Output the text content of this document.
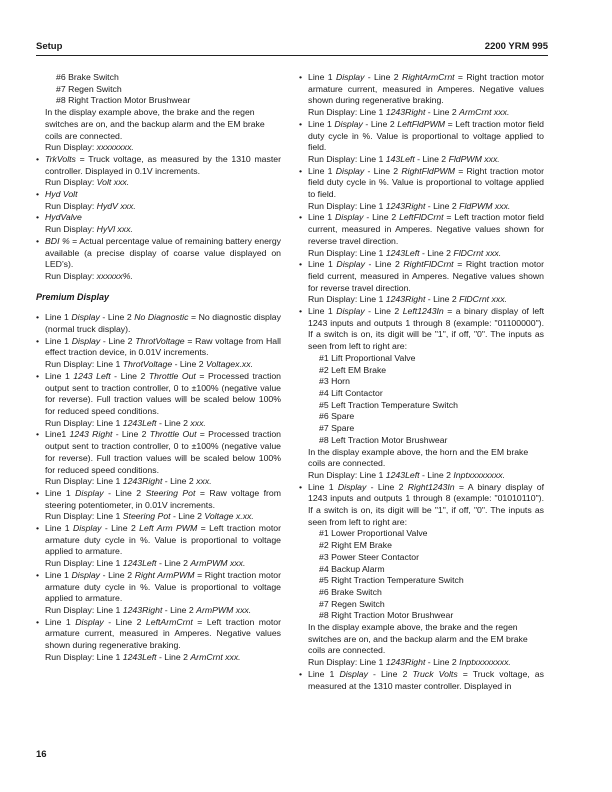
Setup	2200 YRM 995

#6 Brake Switch

#7 Regen Switch

#8 Right Traction Motor Brushwear

In the display example above, the brake and the regen switches are on, and the backup alarm and the EM brake coils are connected.

Run Display: xxxxxxxx.

• TrkVolts = Truck voltage, as measured by the 1310 master controller. Displayed in 0.1V increments.

Run Display: Volt xxx.

• Hyd Volt

Run Display: HydV xxx.

• HydValve

Run Display: HyVl xxx.

• BDI % = Actual percentage value of remaining battery energy available (a precise display of coarse value displayed on LED’s).

Run Display: xxxxxx%.

Premium Display

• Line 1 Display - Line 2 No Diagnostic = No diagnostic display (normal truck display).

• Line 1 Display - Line 2 ThrotVoltage = Raw voltage from Hall effect traction device, in 0.01V increments.

Run Display: Line 1 ThrotVoltage - Line 2 Voltagex.xx.

• Line 1 1243 Left - Line 2 Throttle Out = Processed traction output sent to traction controller, 0 to ±100% (negative value for reverse). Full traction values will be scaled below 100% for reduced speed conditions.

Run Display: Line 1 1243Left - Line 2 xxx.

• Line1 1243 Right - Line 2 Throttle Out = Processed traction output sent to traction controller, 0 to ±100% (negative value for reverse). Full traction values will be scaled below 100% for reduced speed conditions.

Run Display: Line 1 1243Right - Line 2 xxx.

• Line 1 Display - Line 2 Steering Pot = Raw voltage from steering potentiometer, in 0.01V increments.

Run Display: Line 1 Steering Pot - Line 2 Voltage x.xx.

• Line 1 Display - Line 2 Left Arm PWM = Left traction motor armature duty cycle in %. Value is proportional to voltage applied to armature.

Run Display: Line 1 1243Left - Line 2 ArmPWM xxx.

• Line 1 Display - Line 2 Right ArmPWM = Right traction motor armature duty cycle in %. Value is proportional to voltage applied to armature.

Run Display: Line 1 1243Right - Line 2 ArmPWM xxx.

• Line 1 Display - Line 2 LeftArmCrnt = Left traction motor armature current, measured in Amperes. Negative values shown during regenerative braking.

Run Display: Line 1 1243Left - Line 2 ArmCrnt xxx.

• Line 1 Display - Line 2 RightArmCrnt = Right traction motor armature current, measured in Amperes. Negative values shown during regenerative braking.

Run Display: Line 1 1243Right - Line 2 ArmCrnt xxx.

• Line 1 Display - Line 2 LeftFldPWM = Left traction motor field duty cycle in %. Value is proportional to voltage applied to field.

Run Display: Line 1 143Left - Line 2 FldPWM xxx.

• Line 1 Display - Line 2 RightFldPWM = Right traction motor field duty cycle in %. Value is proportional to voltage applied to field.

Run Display: Line 1 1243Right - Line 2 FldPWM xxx.

• Line 1 Display - Line 2 LeftFlDCrnt = Left traction motor field current, measured in Amperes. Negative values shown for reverse travel direction.

Run Display: Line 1 1243Left - Line 2 FlDCrnt xxx.

• Line 1 Display - Line 2 RightFlDCrnt = Right traction motor field current, measured in Amperes. Negative values shown for reverse travel direction.

Run Display: Line 1 1243Right - Line 2 FlDCrnt xxx.

• Line 1 Display - Line 2 Left1243In = a binary display of left 1243 inputs and outputs 1 through 8 (example: "01100000"). If a switch is on, its digit will be "1", if off, "0". The inputs as seen from left to right are:

#1 Lift Proportional Valve

#2 Left EM Brake

#3 Horn

#4 Lift Contactor

#5 Left Traction Temperature Switch

#6 Spare

#7 Spare

#8 Left Traction Motor Brushwear

In the display example above, the horn and the EM brake coils are connected.

Run Display: Line 1 1243Left - Line 2 Inptxxxxxxxx.

• Line 1 Display - Line 2 Right1243In = A binary display of 1243 inputs and outputs 1 through 8 (example: "01010110"). If a switch is on, its digit will be "1", if off, "0". The inputs as seen from left to right are:

#1 Lower Proportional Valve

#2 Right EM Brake

#3 Power Steer Contactor

#4 Backup Alarm

#5 Right Traction Temperature Switch

#6 Brake Switch

#7 Regen Switch

#8 Right Traction Motor Brushwear

In the display example above, the brake and the regen switches are on, and the backup alarm and the EM brake coils are connected.

Run Display: Line 1 1243Right - Line 2 Inptxxxxxxxx.

• Line 1 Display - Line 2 Truck Volts = Truck voltage, as measured at the 1310 master controller. Displayed in

16
